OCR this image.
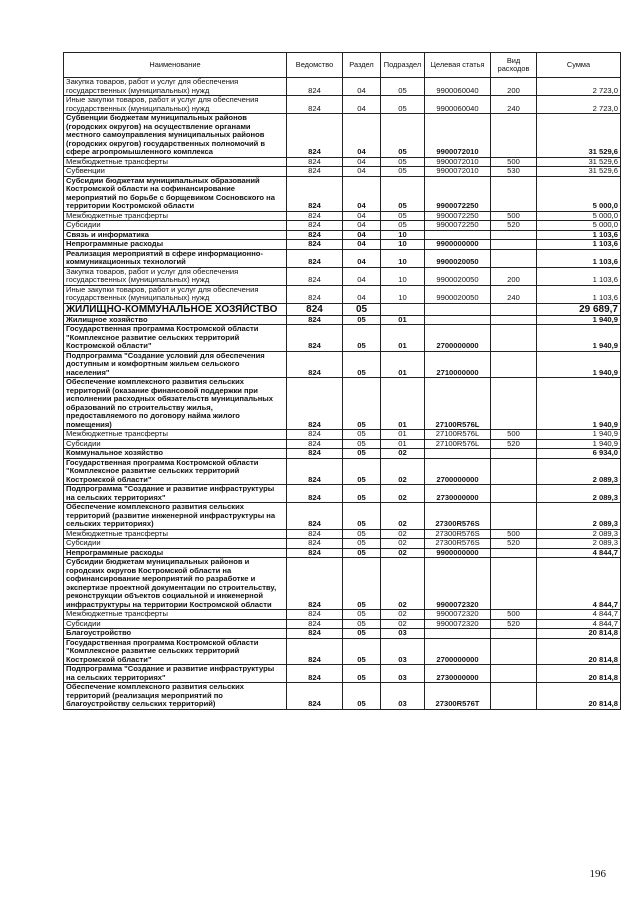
Наименование	Ведомство	Раздел	Подраздел	Целевая статья	Вид расходов	Сумма
Закупка товаров, работ и услуг для обеспечения государственных (муниципальных) нужд	824	04	05	9900060040	200	2 723,0
Иные закупки товаров, работ и услуг для обеспечения государственных (муниципальных) нужд	824	04	05	9900060040	240	2 723,0
Субвенции бюджетам муниципальных районов (городских округов) на осуществление органами местного самоуправления муниципальных районов (городских округов) государственных полномочий в сфере агропромышленного комплекса	824	04	05	9900072010		31 529,6
Межбюджетные трансферты	824	04	05	9900072010	500	31 529,6
Субвенции	824	04	05	9900072010	530	31 529,6
Субсидии бюджетам муниципальных образований Костромской области на софинансирование мероприятий по борьбе с борщевиком Сосновского на территории Костромской области	824	04	05	9900072250		5 000,0
Межбюджетные трансферты	824	04	05	9900072250	500	5 000,0
Субсидии	824	04	05	9900072250	520	5 000,0
Связь и информатика	824	04	10			1 103,6
Непрограммные расходы	824	04	10	9900000000		1 103,6
Реализация мероприятий в сфере информационно-коммуникационных технологий	824	04	10	9900020050		1 103,6
Закупка товаров, работ и услуг для обеспечения государственных (муниципальных) нужд	824	04	10	9900020050	200	1 103,6
Иные закупки товаров, работ и услуг для обеспечения государственных (муниципальных) нужд	824	04	10	9900020050	240	1 103,6
ЖИЛИЩНО-КОММУНАЛЬНОЕ ХОЗЯЙСТВО	824	05				29 689,7
Жилищное хозяйство	824	05	01			1 940,9
Государственная программа Костромской области "Комплексное развитие сельских территорий Костромской области"	824	05	01	2700000000		1 940,9
Подпрограмма "Создание условий для обеспечения доступным и комфортным жильем сельского населения"	824	05	01	2710000000		1 940,9
Обеспечение комплексного развития сельских территорий (оказание финансовой поддержки при исполнении расходных обязательств муниципальных образований по строительству жилья, предоставляемого по договору найма жилого помещения)	824	05	01	27100R576L		1 940,9
Межбюджетные трансферты	824	05	01	27100R576L	500	1 940,9
Субсидии	824	05	01	27100R576L	520	1 940,9
Коммунальное хозяйство	824	05	02			6 934,0
Государственная программа Костромской области "Комплексное развитие сельских территорий Костромской области"	824	05	02	2700000000		2 089,3
Подпрограмма "Создание и развитие инфраструктуры на сельских территориях"	824	05	02	2730000000		2 089,3
Обеспечение комплексного развития сельских территорий (развитие инженерной инфраструктуры на сельских территориях)	824	05	02	27300R576S		2 089,3
Межбюджетные трансферты	824	05	02	27300R576S	500	2 089,3
Субсидии	824	05	02	27300R576S	520	2 089,3
Непрограммные расходы	824	05	02	9900000000		4 844,7
Субсидии бюджетам муниципальных районов и городских округов Костромской области на софинансирование мероприятий по разработке и экспертизе проектной документации по строительству, реконструкции объектов социальной и инженерной инфраструктуры на территории Костромской области	824	05	02	9900072320		4 844,7
Межбюджетные трансферты	824	05	02	9900072320	500	4 844,7
Субсидии	824	05	02	9900072320	520	4 844,7
Благоустройство	824	05	03			20 814,8
Государственная программа Костромской области "Комплексное развитие сельских территорий Костромской области"	824	05	03	2700000000		20 814,8
Подпрограмма "Создание и развитие инфраструктуры на сельских территориях"	824	05	03	2730000000		20 814,8
Обеспечение комплексного развития сельских территорий (реализация мероприятий по благоустройству сельских территорий)	824	05	03	27300R576T		20 814,8
196
